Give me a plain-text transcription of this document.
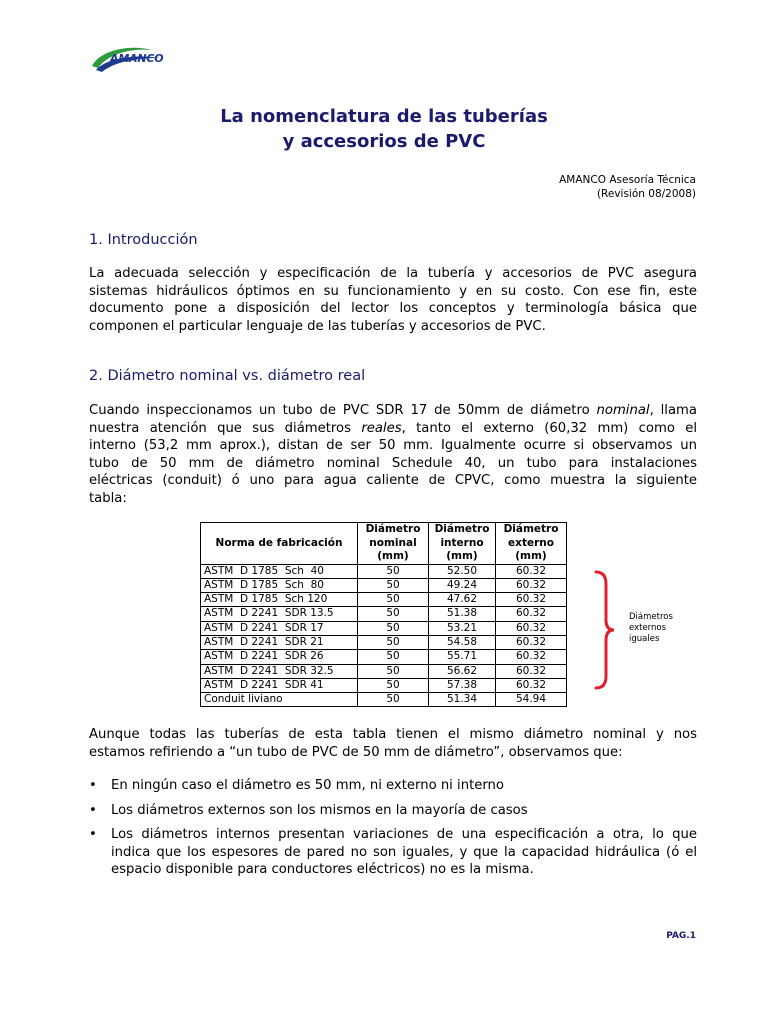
AMANCO
La nomenclatura de las tuberías
y accesorios de PVC
AMANCO Asesoría Técnica
(Revisión 08/2008)
1. Introducción
La adecuada selección y especificación de la tubería y accesorios de PVC asegura
sistemas hidráulicos óptimos en su funcionamiento y en su costo. Con ese fin, este
documento pone a disposición del lector los conceptos y terminología básica que
componen el particular lenguaje de las tuberías y accesorios de PVC.
2. Diámetro nominal vs. diámetro real
Cuando inspeccionamos un tubo de PVC SDR 17 de 50mm de diámetro nominal, llama
nuestra atención que sus diámetros reales, tanto el externo (60,32 mm) como el
interno (53,2 mm aprox.), distan de ser 50 mm. Igualmente ocurre si observamos un
tubo de 50 mm de diámetro nominal Schedule 40, un tubo para instalaciones
eléctricas (conduit) ó uno para agua caliente de CPVC, como muestra la siguiente
tabla:
Norma de fabricación	Diámetro nominal (mm)	Diámetro interno (mm)	Diámetro externo (mm)
ASTM  D 1785  Sch  40	50	52.50	60.32
ASTM  D 1785  Sch  80	50	49.24	60.32
ASTM  D 1785  Sch 120	50	47.62	60.32
ASTM  D 2241  SDR 13.5	50	51.38	60.32
ASTM  D 2241  SDR 17	50	53.21	60.32
ASTM  D 2241  SDR 21	50	54.58	60.32
ASTM  D 2241  SDR 26	50	55.71	60.32
ASTM  D 2241  SDR 32.5	50	56.62	60.32
ASTM  D 2241  SDR 41	50	57.38	60.32
Conduit liviano	50	51.34	54.94
Diámetros
externos
iguales
Aunque todas las tuberías de esta tabla tienen el mismo diámetro nominal y nos
estamos refiriendo a “un tubo de PVC de 50 mm de diámetro”, observamos que:
• En ningún caso el diámetro es 50 mm, ni externo ni interno
• Los diámetros externos son los mismos en la mayoría de casos
• Los diámetros internos presentan variaciones de una especificación a otra, lo que
indica que los espesores de pared no son iguales, y que la capacidad hidráulica (ó el
espacio disponible para conductores eléctricos) no es la misma.
PAG.1
